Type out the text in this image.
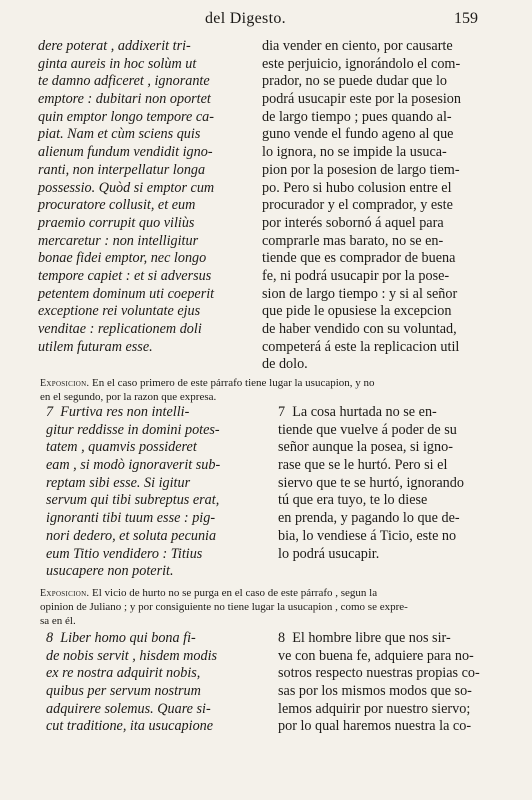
del Digesto.	159
dere poterat , addixerit tri-
ginta aureis in hoc solùm ut
te damno adficeret , ignorante
emptore : dubitari non oportet
quin emptor longo tempore ca-
piat. Nam et cùm sciens quis
alienum fundum vendidit igno-
ranti, non interpellatur longa
possessio. Quòd si emptor cum
procuratore collusit, et eum
praemio corrupit quo viliùs
mercaretur : non intelligitur
bonae fidei emptor, nec longo
tempore capiet : et si adversus
petentem dominum uti coeperit
exceptione rei voluntate ejus
venditae : replicationem doli
utilem futuram esse.
dia vender en ciento, por causarte
este perjuicio, ignorándolo el com-
prador, no se puede dudar que lo
podrá usucapir este por la posesion
de largo tiempo ; pues quando al-
guno vende el fundo ageno al que
lo ignora, no se impide la usuca-
pion por la posesion de largo tiem-
po. Pero si hubo colusion entre el
procurador y el comprador, y este
por interés sobornó á aquel para
comprarle mas barato, no se en-
tiende que es comprador de buena
fe, ni podrá usucapir por la pose-
sion de largo tiempo : y si al señor
que pide le opusiese la excepcion
de haber vendido con su voluntad,
competerá á este la replicacion util
de dolo.
Exposicion. En el caso primero de este párrafo tiene lugar la usucapion, y no
en el segundo, por la razon que expresa.
7 Furtiva res non intelli-
gitur reddisse in domini potes-
tatem , quamvis possideret
eam , si modò ignoraverit sub-
reptam sibi esse. Si igitur
servum qui tibi subreptus erat,
ignoranti tibi tuum esse : pig-
nori dedero, et soluta pecunia
eum Titio vendidero : Titius
usucapere non poterit.
7 La cosa hurtada no se en-
tiende que vuelve á poder de su
señor aunque la posea, si igno-
rase que se le hurtó. Pero si el
siervo que te se hurtó, ignorando
tú que era tuyo, te lo diese
en prenda, y pagando lo que de-
bia, lo vendiese á Ticio, este no
lo podrá usucapir.
Exposicion. El vicio de hurto no se purga en el caso de este párrafo , segun la
opinion de Juliano ; y por consiguiente no tiene lugar la usucapion , como se expre-
sa en él.
8 Liber homo qui bona fi-
de nobis servit , hisdem modis
ex re nostra adquirit nobis,
quibus per servum nostrum
adquirere solemus. Quare si-
cut traditione, ita usucapione
8 El hombre libre que nos sir-
ve con buena fe, adquiere para no-
sotros respecto nuestras propias co-
sas por los mismos modos que so-
lemos adquirir por nuestro siervo;
por lo qual haremos nuestra la co-
